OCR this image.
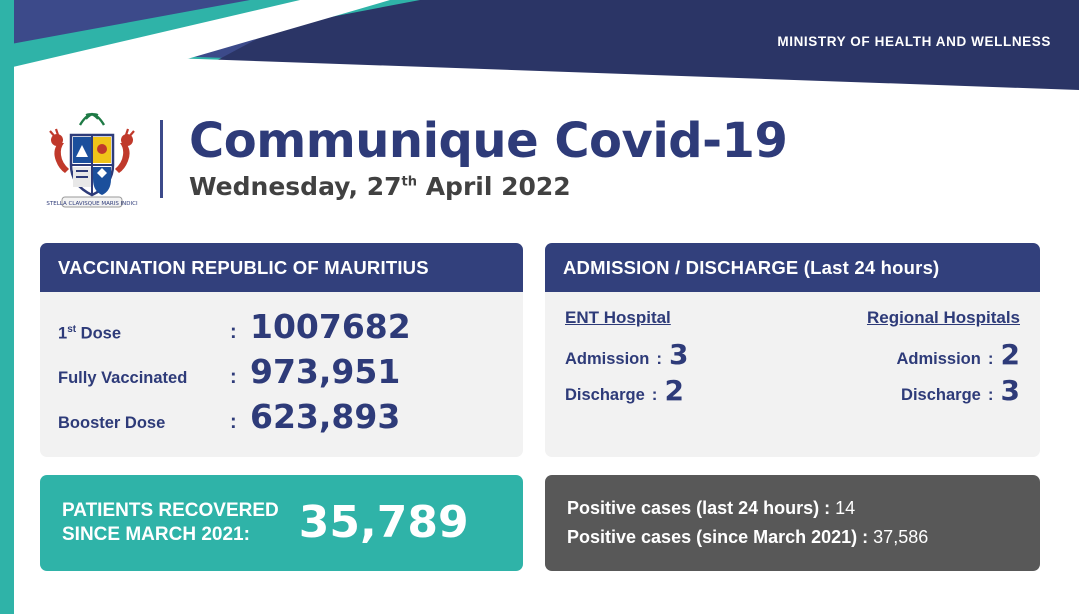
MINISTRY OF HEALTH AND WELLNESS
STELLA CLAVISQUE MARIS INDICI
Communique Covid-19
Wednesday, 27th April 2022
VACCINATION REPUBLIC OF MAURITIUS
1st Dose	: 1007682
Fully Vaccinated	: 973,951
Booster Dose	: 623,893
ADMISSION / DISCHARGE (Last 24 hours)
ENT Hospital
Admission : 3
Discharge : 2
Regional Hospitals
Admission : 2
Discharge : 3
PATIENTS RECOVERED
SINCE MARCH 2021:	35,789	Positive cases (last 24 hours) : 14
Positive cases (since March 2021) : 37,586
